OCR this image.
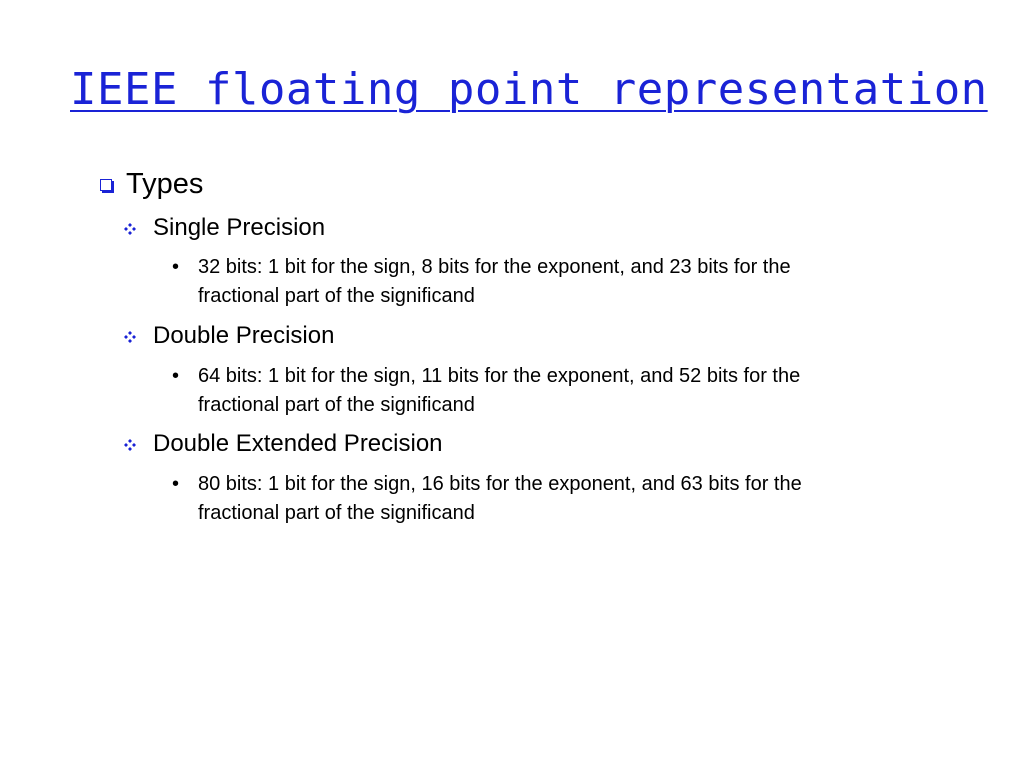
IEEE floating point representation
Types
Single Precision
• 32 bits: 1 bit for the sign, 8 bits for the exponent, and 23 bits for the fractional part of the significand
Double Precision
• 64 bits: 1 bit for the sign, 11 bits for the exponent, and 52 bits for the fractional part of the significand
Double Extended Precision
• 80 bits: 1 bit for the sign, 16 bits for the exponent, and 63 bits for the fractional part of the significand
